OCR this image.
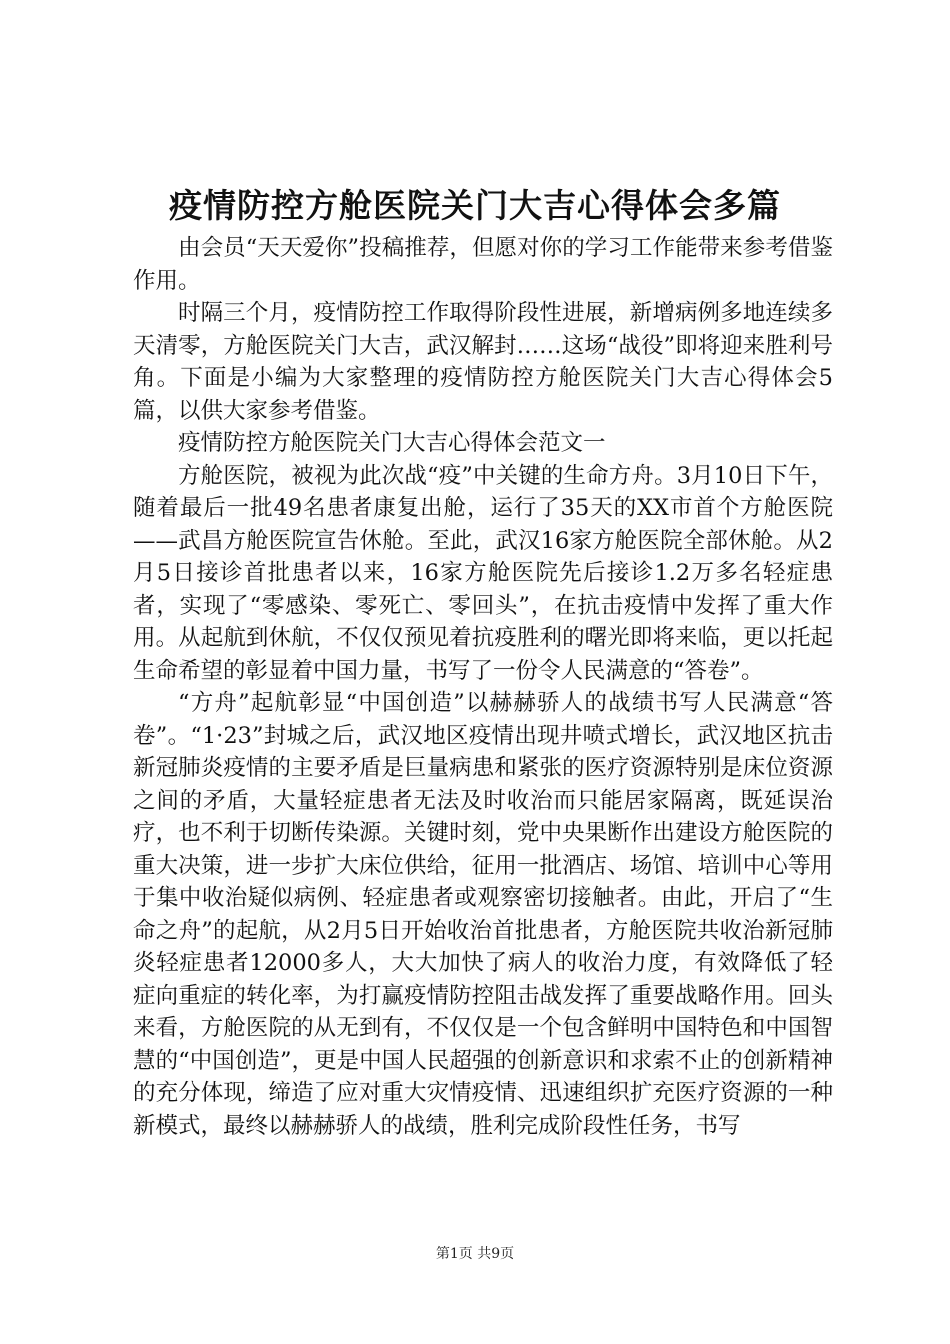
疫情防控方舱医院关门大吉心得体会多篇

由会员“天天爱你”投稿推荐，但愿对你的学习工作能带来参考借鉴作用。

时隔三个月，疫情防控工作取得阶段性进展，新增病例多地连续多天清零，方舱医院关门大吉，武汉解封……这场“战役”即将迎来胜利号角。下面是小编为大家整理的疫情防控方舱医院关门大吉心得体会5篇，以供大家参考借鉴。

疫情防控方舱医院关门大吉心得体会范文一

方舱医院，被视为此次战“疫”中关键的生命方舟。3月10日下午，随着最后一批49名患者康复出舱，运行了35天的XX市首个方舱医院——武昌方舱医院宣告休舱。至此，武汉16家方舱医院全部休舱。从2月5日接诊首批患者以来，16家方舱医院先后接诊1.2万多名轻症患者，实现了“零感染、零死亡、零回头”，在抗击疫情中发挥了重大作用。从起航到休航，不仅仅预见着抗疫胜利的曙光即将来临，更以托起生命希望的彰显着中国力量，书写了一份令人民满意的“答卷”。

“方舟”起航彰显“中国创造”以赫赫骄人的战绩书写人民满意“答卷”。“1·23”封城之后，武汉地区疫情出现井喷式增长，武汉地区抗击新冠肺炎疫情的主要矛盾是巨量病患和紧张的医疗资源特别是床位资源之间的矛盾，大量轻症患者无法及时收治而只能居家隔离，既延误治疗，也不利于切断传染源。关键时刻，党中央果断作出建设方舱医院的重大决策，进一步扩大床位供给，征用一批酒店、场馆、培训中心等用于集中收治疑似病例、轻症患者或观察密切接触者。由此，开启了“生命之舟”的起航，从2月5日开始收治首批患者，方舱医院共收治新冠肺炎轻症患者12000多人，大大加快了病人的收治力度，有效降低了轻症向重症的转化率，为打赢疫情防控阻击战发挥了重要战略作用。回头来看，方舱医院的从无到有，不仅仅是一个包含鲜明中国特色和中国智慧的“中国创造”，更是中国人民超强的创新意识和求索不止的创新精神的充分体现，缔造了应对重大灾情疫情、迅速组织扩充医疗资源的一种新模式，最终以赫赫骄人的战绩，胜利完成阶段性任务，书写

第1页 共9页
